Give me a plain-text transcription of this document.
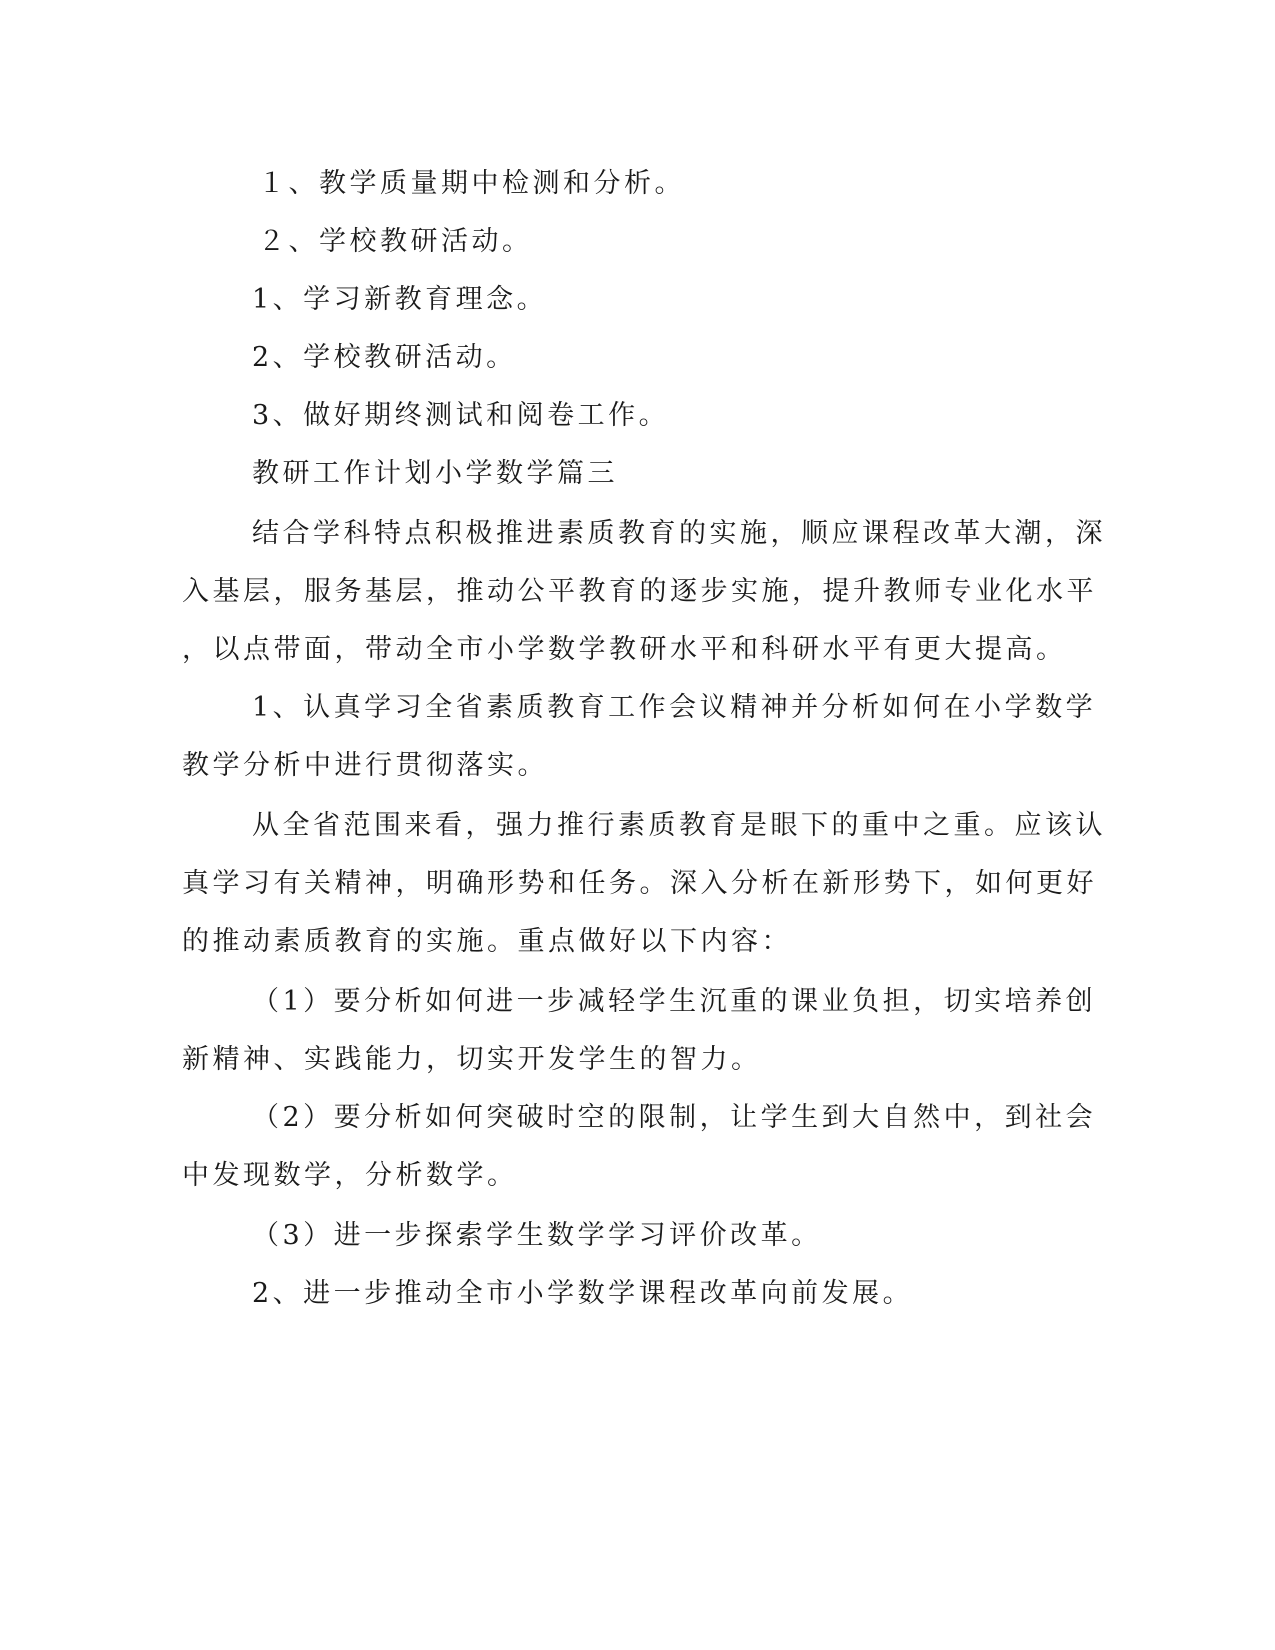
１、教学质量期中检测和分析。

２、学校教研活动。

1、学习新教育理念。

2、学校教研活动。

3、做好期终测试和阅卷工作。

教研工作计划小学数学篇三

结合学科特点积极推进素质教育的实施，顺应课程改革大潮，深

入基层，服务基层，推动公平教育的逐步实施，提升教师专业化水平

，以点带面，带动全市小学数学教研水平和科研水平有更大提高。

1、认真学习全省素质教育工作会议精神并分析如何在小学数学

教学分析中进行贯彻落实。

从全省范围来看，强力推行素质教育是眼下的重中之重。应该认

真学习有关精神，明确形势和任务。深入分析在新形势下，如何更好

的推动素质教育的实施。重点做好以下内容：

（1）要分析如何进一步减轻学生沉重的课业负担，切实培养创

新精神、实践能力，切实开发学生的智力。

（2）要分析如何突破时空的限制，让学生到大自然中，到社会

中发现数学，分析数学。

（3）进一步探索学生数学学习评价改革。

2、进一步推动全市小学数学课程改革向前发展。
